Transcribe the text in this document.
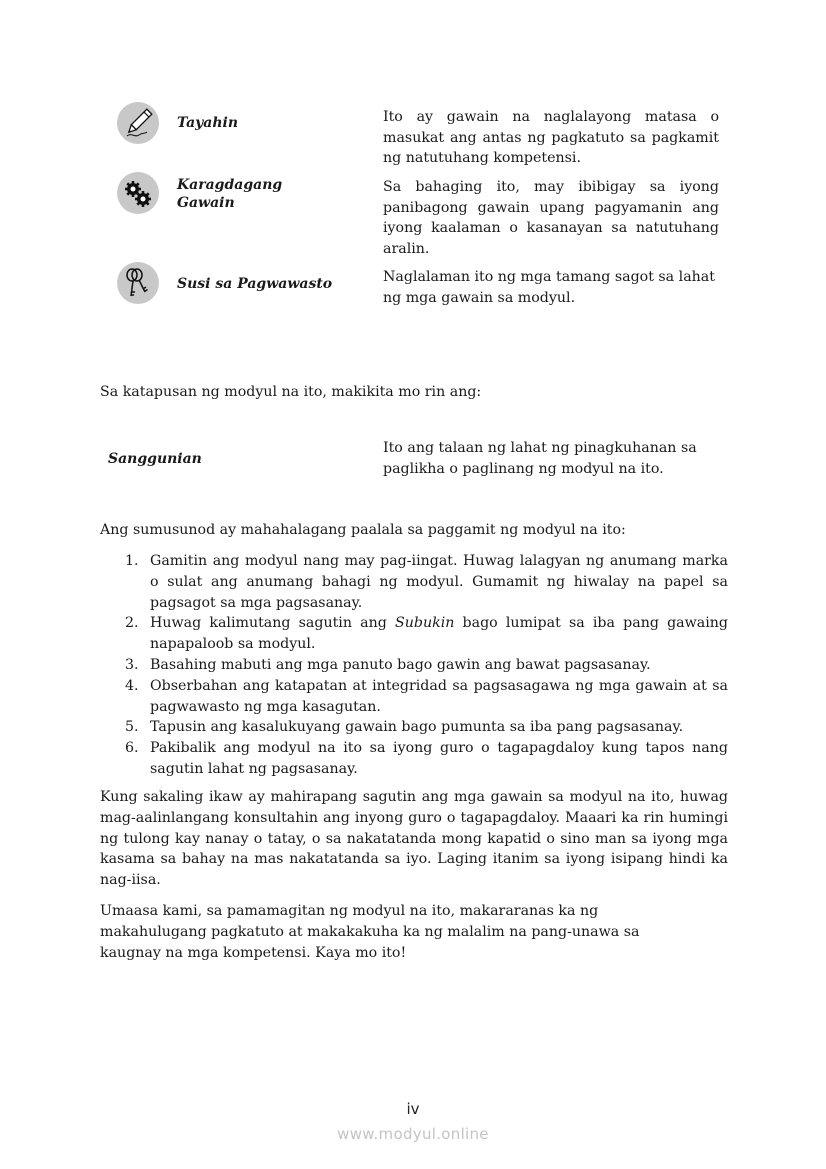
Tayahin	Ito ay gawain na naglalayong matasa o masukat ang antas ng pagkatuto sa pagkamit ng natutuhang kompetensi.
Karagdagang
Gawain
Sa bahaging ito, may ibibigay sa iyong panibagong gawain upang pagyamanin ang iyong kaalaman o kasanayan sa natutuhang aralin.
Susi sa Pagwawasto	Naglalaman ito ng mga tamang sagot sa lahat ng mga gawain sa modyul.
Sa katapusan ng modyul na ito, makikita mo rin ang:
Sanggunian
Ito ang talaan ng lahat ng pinagkuhanan sa paglikha o paglinang ng modyul na ito.
Ang sumusunod ay mahahalagang paalala sa paggamit ng modyul na ito:
1. Gamitin ang modyul nang may pag-iingat. Huwag lalagyan ng anumang marka o sulat ang anumang bahagi ng modyul. Gumamit ng hiwalay na papel sa pagsagot sa mga pagsasanay.
2. Huwag kalimutang sagutin ang Subukin bago lumipat sa iba pang gawaing napapaloob sa modyul.
3. Basahing mabuti ang mga panuto bago gawin ang bawat pagsasanay.
4. Obserbahan ang katapatan at integridad sa pagsasagawa ng mga gawain at sa pagwawasto ng mga kasagutan.
5. Tapusin ang kasalukuyang gawain bago pumunta sa iba pang pagsasanay.
6. Pakibalik ang modyul na ito sa iyong guro o tagapagdaloy kung tapos nang sagutin lahat ng pagsasanay.
Kung sakaling ikaw ay mahirapang sagutin ang mga gawain sa modyul na ito, huwag mag-aalinlangang konsultahin ang inyong guro o tagapagdaloy. Maaari ka rin humingi ng tulong kay nanay o tatay, o sa nakatatanda mong kapatid o sino man sa iyong mga kasama sa bahay na mas nakatatanda sa iyo. Laging itanim sa iyong isipang hindi ka nag-iisa.
Umaasa kami, sa pamamagitan ng modyul na ito, makararanas ka ng
makahulugang pagkatuto at makakakuha ka ng malalim na pang-unawa sa
kaugnay na mga kompetensi. Kaya mo ito!
iv
www.modyul.online
